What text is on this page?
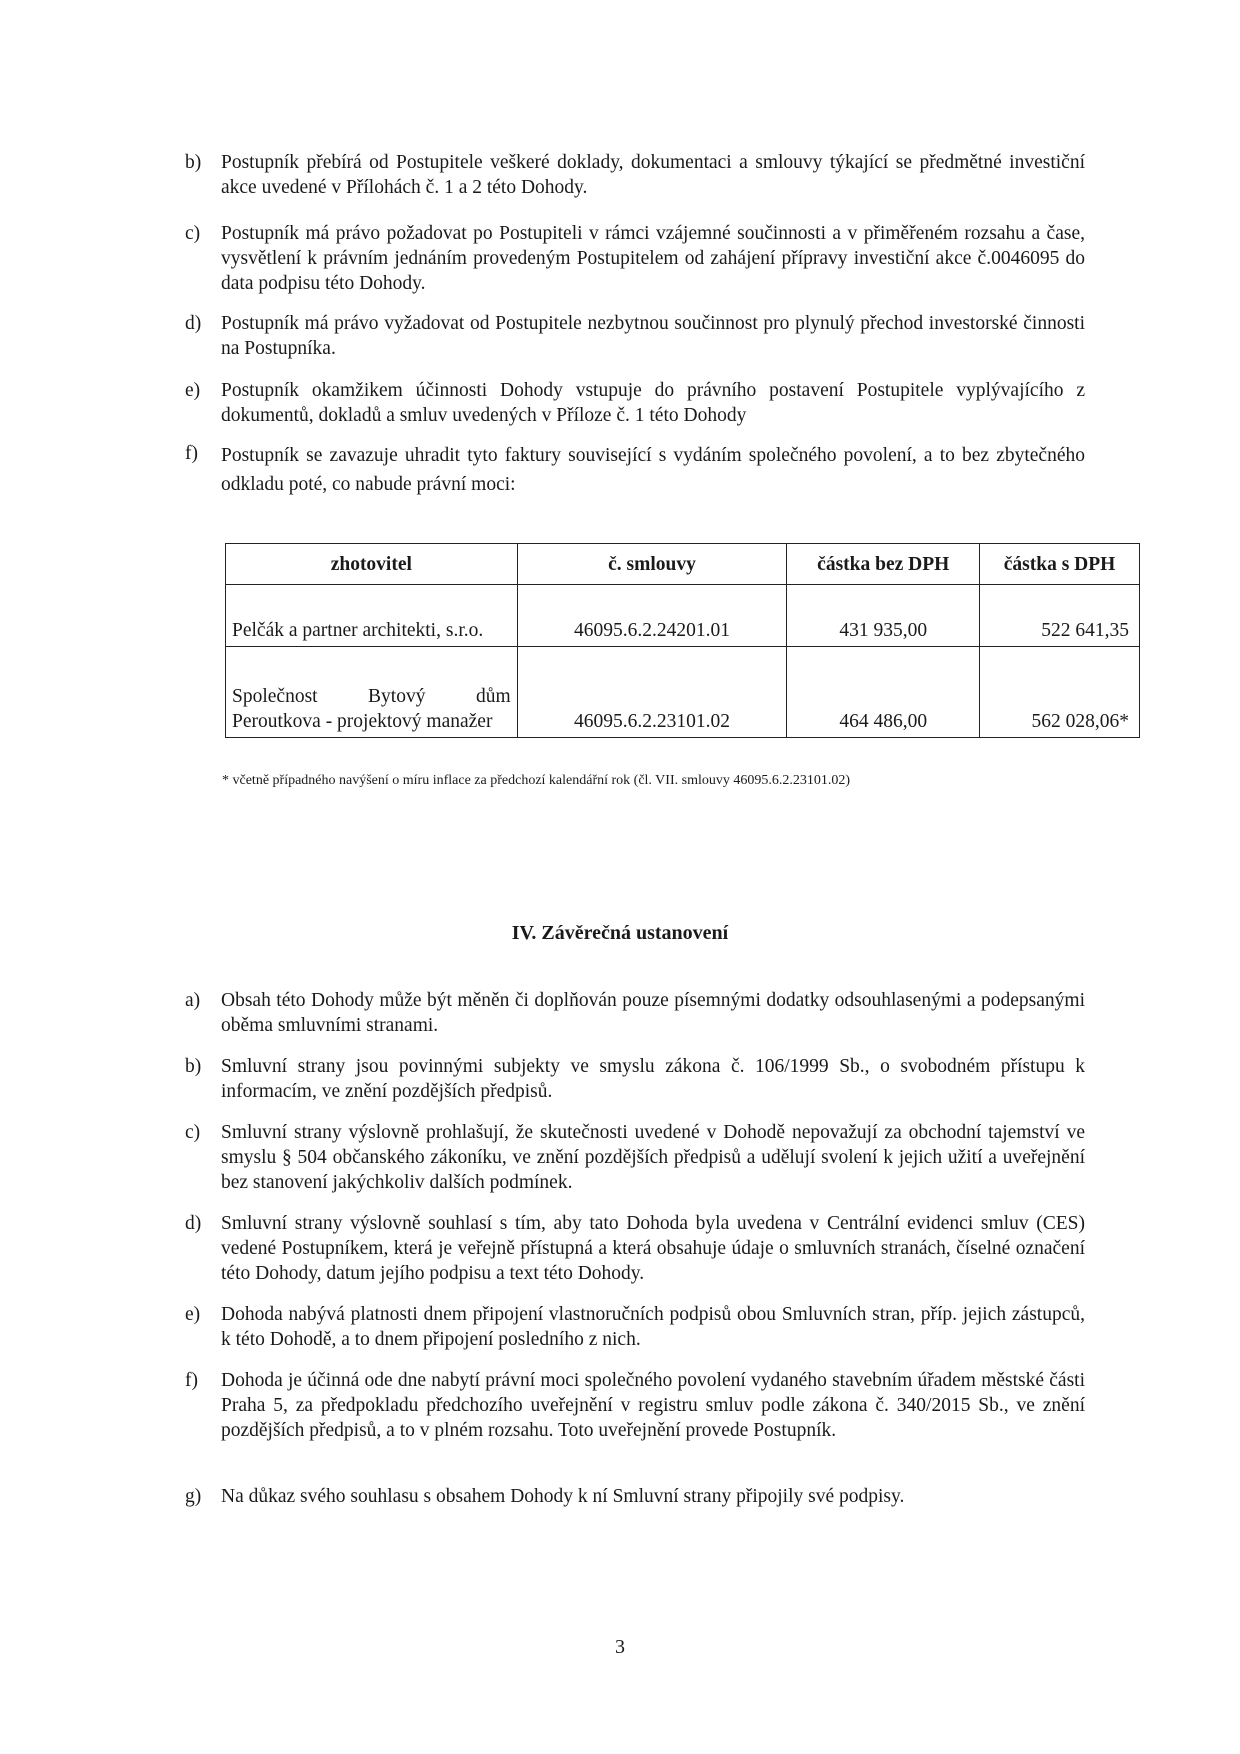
b)	Postupník přebírá od Postupitele veškeré doklady, dokumentaci a smlouvy týkající se předmětné investiční akce uvedené v Přílohách č. 1 a 2 této Dohody.
c)	Postupník má právo požadovat po Postupiteli v rámci vzájemné součinnosti a v přiměřeném rozsahu a čase, vysvětlení k právním jednáním provedeným Postupitelem od zahájení přípravy investiční akce č.0046095 do data podpisu této Dohody.
d)	Postupník má právo vyžadovat od Postupitele nezbytnou součinnost pro plynulý přechod investorské činnosti na Postupníka.
e)	Postupník okamžikem účinnosti Dohody vstupuje do právního postavení Postupitele vyplývajícího z dokumentů, dokladů a smluv uvedených v Příloze č. 1 této Dohody
f)	Postupník se zavazuje uhradit tyto faktury související s vydáním společného povolení, a to bez zbytečného odkladu poté, co nabude právní moci:
zhotovitel	č. smlouvy	částka bez DPH	částka s DPH
Pelčák a partner architekti, s.r.o.	46095.6.2.24201.01	431 935,00	522 641,35
Společnost Bytový dům Peroutkova - projektový manažer	46095.6.2.23101.02	464 486,00	562 028,06*
* včetně případného navýšení o míru inflace za předchozí kalendářní rok (čl. VII. smlouvy 46095.6.2.23101.02)
IV. Závěrečná ustanovení
a)	Obsah této Dohody může být měněn či doplňován pouze písemnými dodatky odsouhlasenými a podepsanými oběma smluvními stranami.
b)	Smluvní strany jsou povinnými subjekty ve smyslu zákona č. 106/1999 Sb., o svobodném přístupu k informacím, ve znění pozdějších předpisů.
c)	Smluvní strany výslovně prohlašují, že skutečnosti uvedené v Dohodě nepovažují za obchodní tajemství ve smyslu § 504 občanského zákoníku, ve znění pozdějších předpisů a udělují svolení k jejich užití a uveřejnění bez stanovení jakýchkoliv dalších podmínek.
d)	Smluvní strany výslovně souhlasí s tím, aby tato Dohoda byla uvedena v Centrální evidenci smluv (CES) vedené Postupníkem, která je veřejně přístupná a která obsahuje údaje o smluvních stranách, číselné označení této Dohody, datum jejího podpisu a text této Dohody.
e)	Dohoda nabývá platnosti dnem připojení vlastnoručních podpisů obou Smluvních stran, příp. jejich zástupců, k této Dohodě, a to dnem připojení posledního z nich.
f)	Dohoda je účinná ode dne nabytí právní moci společného povolení vydaného stavebním úřadem městské části Praha 5, za předpokladu předchozího uveřejnění v registru smluv podle zákona č. 340/2015 Sb., ve znění pozdějších předpisů, a to v plném rozsahu. Toto uveřejnění provede Postupník.
g)	Na důkaz svého souhlasu s obsahem Dohody k ní Smluvní strany připojily své podpisy.
3
